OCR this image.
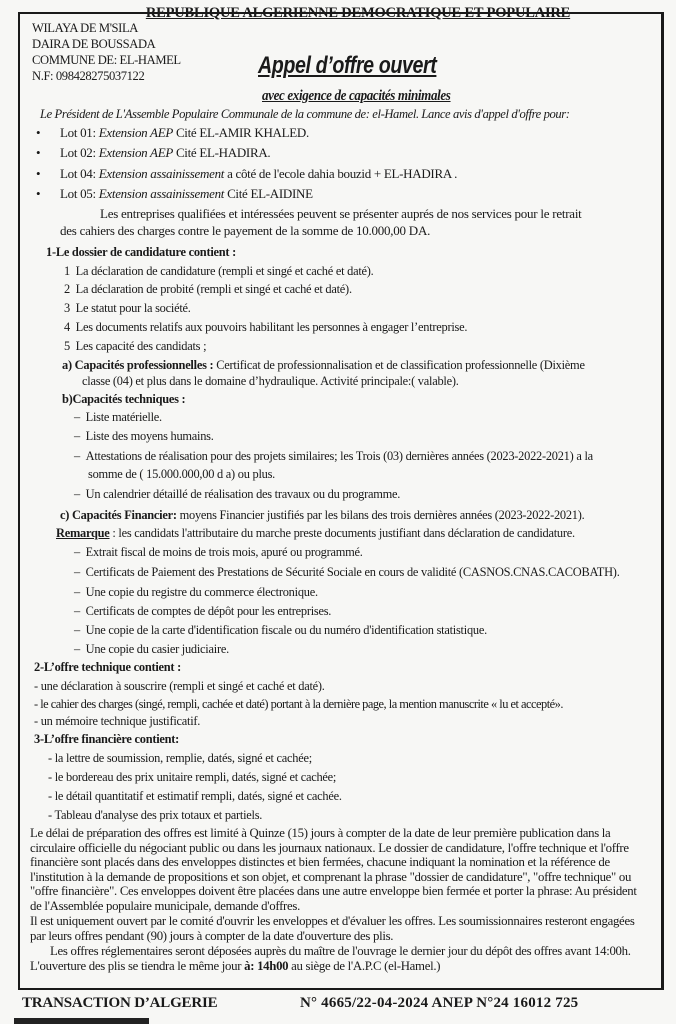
REPUBLIQUE ALGERIENNE DEMOCRATIQUE ET POPULAIRE
WILAYA DE M'SILA
DAIRA DE BOUSSADA
COMMUNE DE: EL-HAMEL
N.F: 098428275037122	Appel d’offre ouvert
avec exigence de capacités minimales
Le Président de L'Assemble Populaire Communale de la commune de: el-Hamel. Lance avis d'appel d'offre pour:
• Lot 01: Extension AEP Cité EL-AMIR KHALED.
• Lot 02: Extension AEP Cité EL-HADIRA.
• Lot 04: Extension assainissement a côté de l'ecole dahia bouzid + EL-HADIRA .
• Lot 05: Extension assainissement Cité EL-AIDINE
Les entreprises qualifiées et intéressées peuvent se présenter auprés de nos services pour le retrait
des cahiers des charges contre le payement de la somme de 10.000,00 DA.
1-Le dossier de candidature contient :
1 La déclaration de candidature (rempli et singé et caché et daté).
2 La déclaration de probité (rempli et singé et caché et daté).
3 Le statut pour la société.
4 Les documents relatifs aux pouvoirs habilitant les personnes à engager l’entreprise.
5 Les capacité des candidats ;
a) Capacités professionnelles : Certificat de professionnalisation et de classification professionnelle (Dixième
classe (04) et plus dans le domaine d’hydraulique. Activité principale:( valable).
b)Capacités techniques :
–  Liste matérielle.
–  Liste des moyens humains.
–  Attestations de réalisation pour des projets similaires; les Trois (03) dernières années (2023-2022-2021) a la
somme de ( 15.000.000,00 d a) ou plus.
–  Un calendrier détaillé de réalisation des travaux ou du programme.
c) Capacités Financier: moyens Financier justifiés par les bilans des trois dernières années (2023-2022-2021).
Remarque : les candidats l'attributaire du marche preste documents justifiant dans déclaration de candidature.
–  Extrait fiscal de moins de trois mois, apuré ou programmé.
–  Certificats de Paiement des Prestations de Sécurité Sociale en cours de validité (CASNOS.CNAS.CACOBATH).
–  Une copie du registre du commerce électronique.
–  Certificats de comptes de dépôt pour les entreprises.
–  Une copie de la carte d'identification fiscale ou du numéro d'identification statistique.
–  Une copie du casier judiciaire.
2-L’offre technique contient :
- une déclaration à souscrire (rempli et singé et caché et daté).
- le cahier des charges (singé, rempli, cachée et daté) portant à la dernière page, la mention manuscrite « lu et accepté».
- un mémoire technique justificatif.
3-L’offre financière contient:
- la lettre de soumission, remplie, datés, signé et cachée;
- le bordereau des prix unitaire rempli, datés, signé et cachée;
- le détail quantitatif et estimatif rempli, datés, signé et cachée.
- Tableau d'analyse des prix totaux et partiels.
Le délai de préparation des offres est limité à Quinze (15) jours à compter de la date de leur première publication dans la circulaire officielle du négociant public ou dans les journaux nationaux. Le dossier de candidature, l'offre technique et l'offre financière sont placés dans des enveloppes distinctes et bien fermées, chacune indiquant la nomination et la référence de l'institution à la demande de propositions et son objet, et comprenant la phrase "dossier de candidature", "offre technique" ou "offre financière". Ces enveloppes doivent être placées dans une autre enveloppe bien fermée et porter la phrase: Au président de l'Assemblée populaire municipale, demande d'offres.
Il est uniquement ouvert par le comité d'ouvrir les enveloppes et d'évaluer les offres. Les soumissionnaires resteront engagées par leurs offres pendant (90) jours à compter de la date d'ouverture des plis.
Les offres réglementaires seront déposées auprès du maître de l'ouvrage le dernier jour du dépôt des offres avant 14:00h. L'ouverture des plis se tiendra le même jour à: 14h00 au siège de l'A.P.C (el-Hamel.)
TRANSACTION D’ALGERIE	N° 4665/22-04-2024 ANEP N°24 16012 725
